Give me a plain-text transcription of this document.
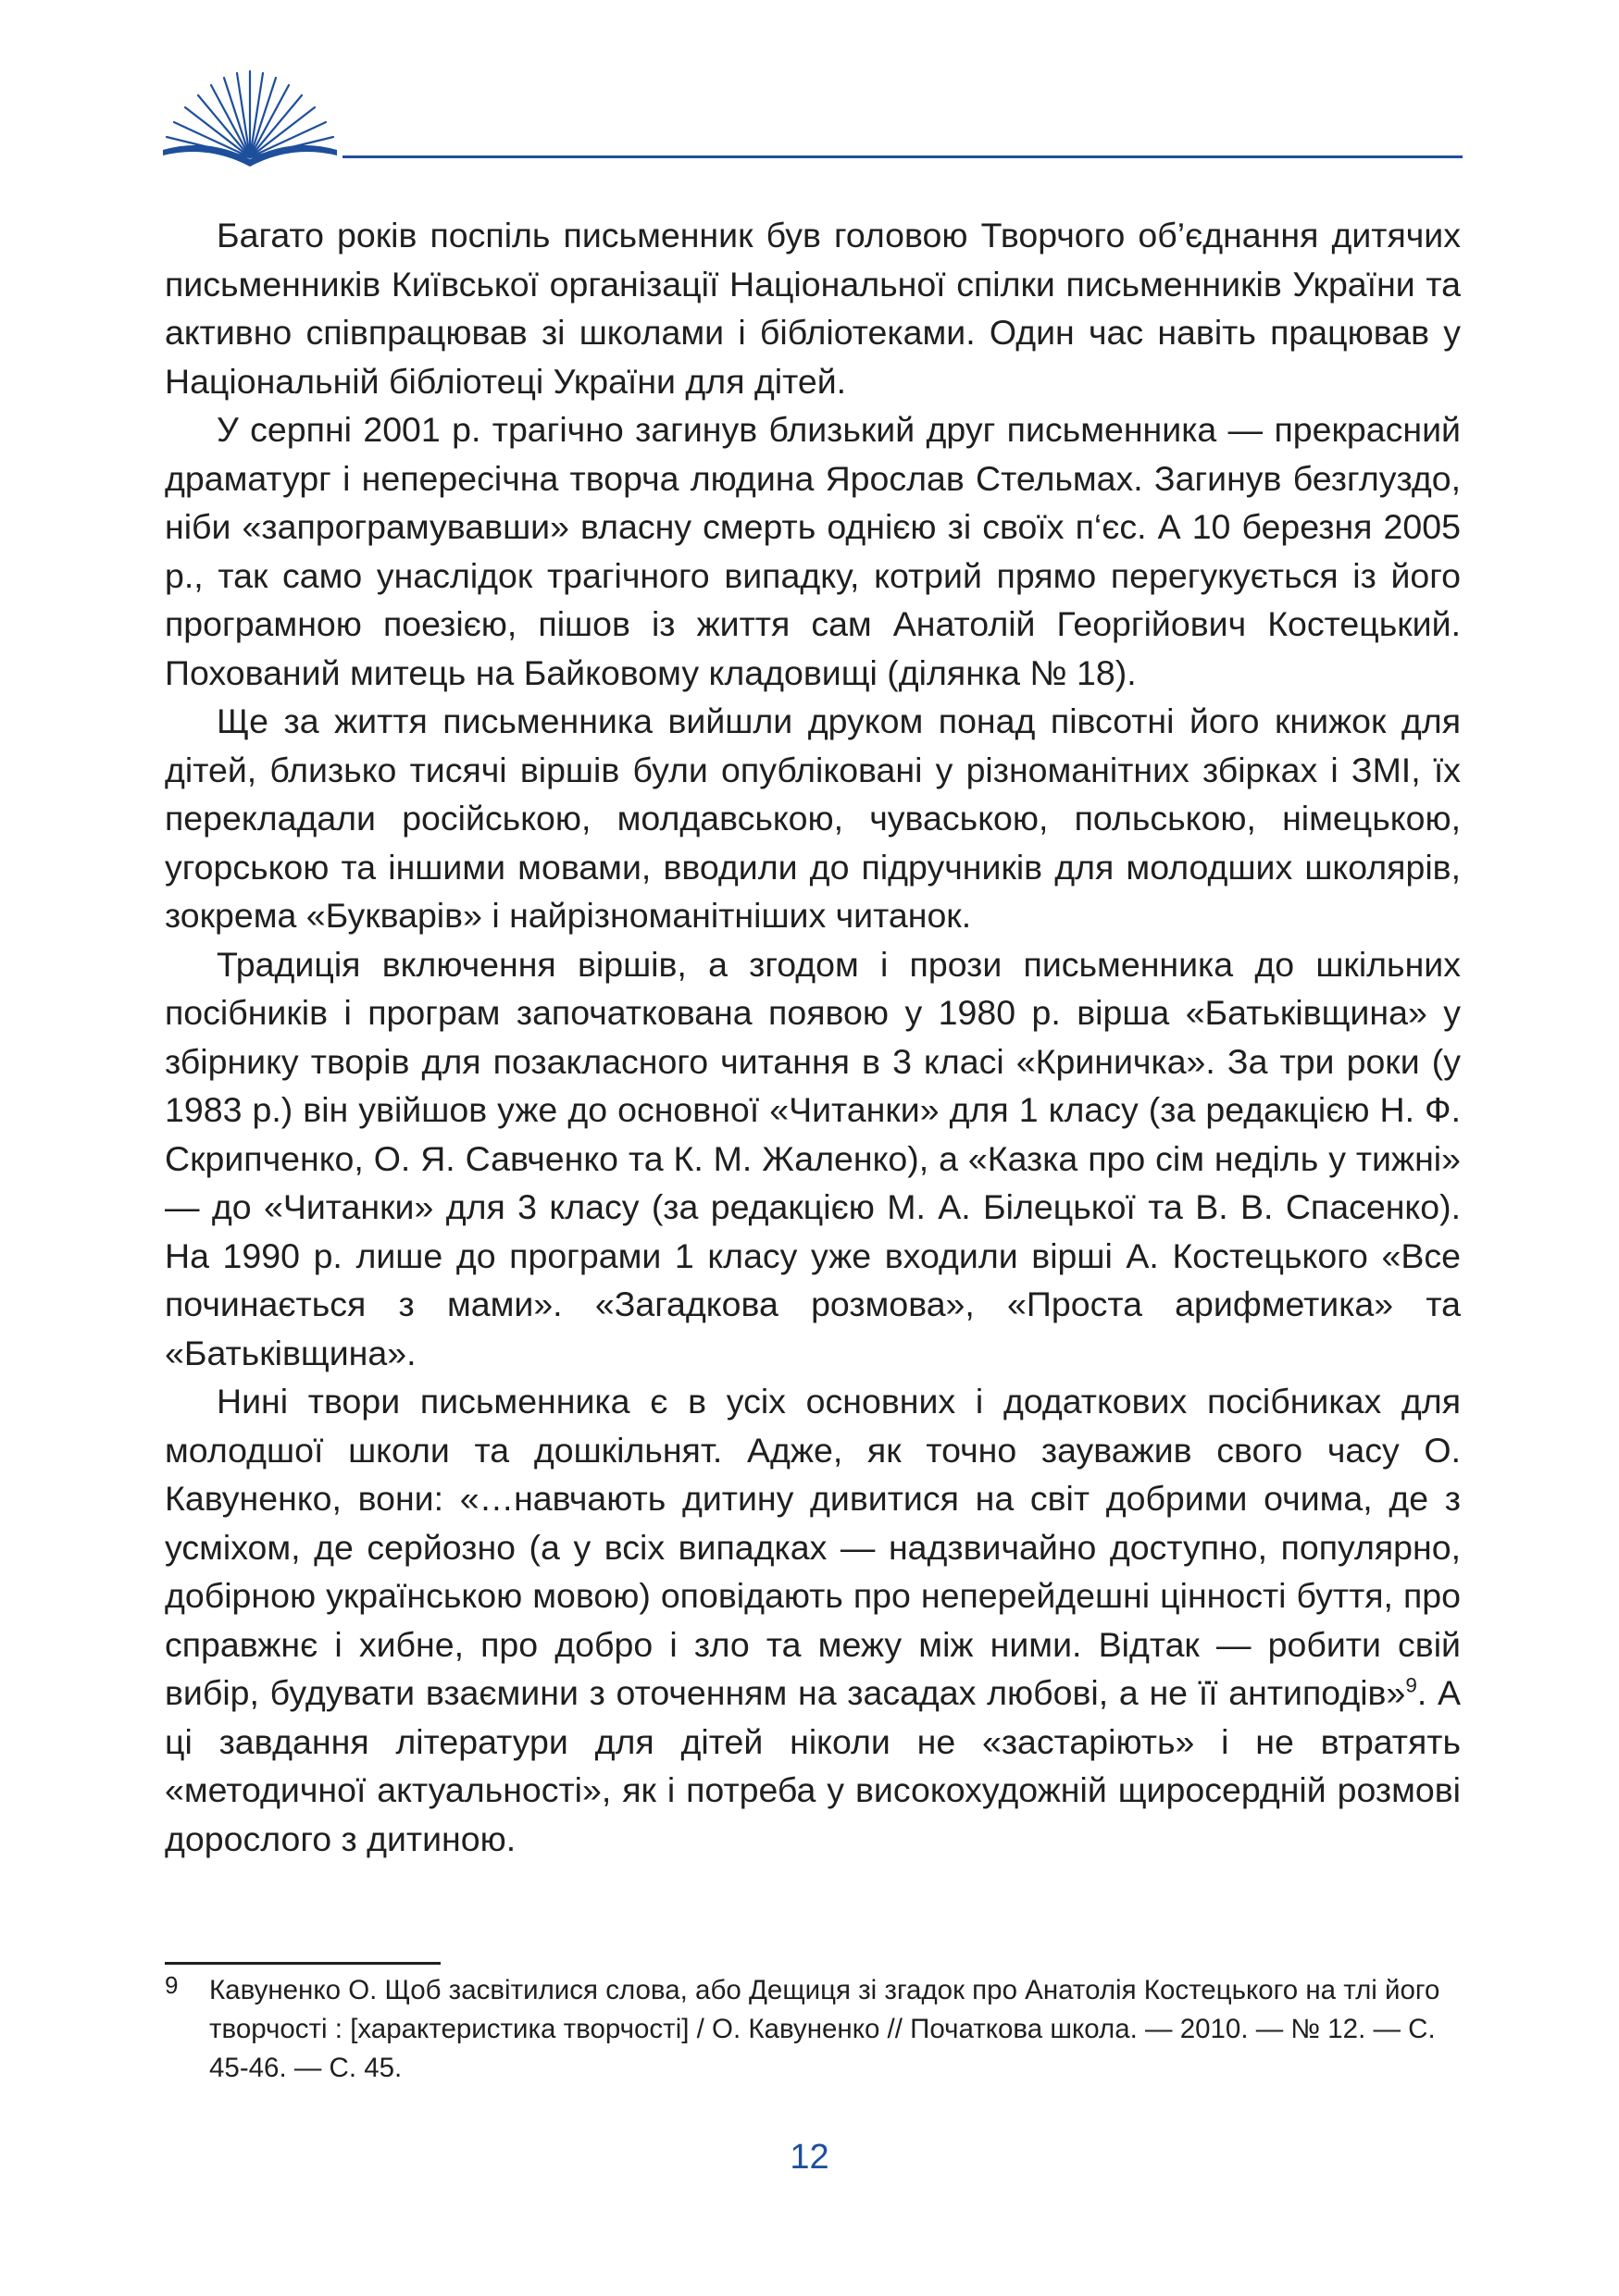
Багато років поспіль письменник був головою Творчого об’єднання дитячих письменників Київської організації Національної спілки письменників України та активно співпрацював зі школами і бібліотеками. Один час навіть працював у Національній бібліотеці України для дітей.

У серпні 2001 р. трагічно загинув близький друг письменника — прекрасний драматург і непересічна творча людина Ярослав Стельмах. Загинув безглуздо, ніби «запрограмувавши» власну смерть однією зі своїх п‘єс. А 10 березня 2005 р., так само унаслідок трагічного випадку, котрий прямо перегукується із його програмною поезією, пішов із життя сам Анатолій Георгійович Костецький. Похований митець на Байковому кладовищі (ділянка № 18).

Ще за життя письменника вийшли друком понад півсотні його книжок для дітей, близько тисячі віршів були опубліковані у різноманітних збірках і ЗМІ, їх перекладали російською, молдавською, чуваською, польською, німецькою, угорською та іншими мовами, вводили до підручників для молодших школярів, зокрема «Букварів» і найрізноманітніших читанок.

Традиція включення віршів, а згодом і прози письменника до шкільних посібників і програм започаткована появою у 1980 р. вірша «Батьківщина» у збірнику творів для позакласного читання в 3 класі «Криничка». За три роки (у 1983 р.) він увійшов уже до основної «Читанки» для 1 класу (за редакцією Н. Ф. Скрипченко, О. Я. Савченко та К. М. Жаленко), а «Казка про сім неділь у тижні» — до «Читанки» для 3 класу (за редакцією М. А. Білецької та В. В. Спасенко). На 1990 р. лише до програми 1 класу уже входили вірші А. Костецького «Все починається з мами». «Загадкова розмова», «Проста арифметика» та «Батьківщина».

Нині твори письменника є в усіх основних і додаткових посібниках для молодшої школи та дошкільнят. Адже, як точно зауважив свого часу О. Кавуненко, вони: «…навчають дитину дивитися на світ добрими очима, де з усміхом, де серйозно (а у всіх випадках — надзвичайно доступно, популярно, добірною українською мовою) оповідають про неперейдешні цінності буття, про справжнє і хибне, про добро і зло та межу між ними. Відтак — робити свій вибір, будувати взаємини з оточенням на засадах любові, а не її антиподів»$^9$. А ці завдання літератури для дітей ніколи не «застаріють» і не втратять «методичної актуальності», як і потреба у високохудожній щиросердній розмові дорослого з дитиною.

9	Кавуненко О. Щоб засвітилися слова, або Дещиця зі згадок про Анатолія Костецького на тлі його творчості : [характеристика творчості] / О. Кавуненко // Початкова школа. — 2010. — № 12. — С. 45-46. — С. 45.
12
